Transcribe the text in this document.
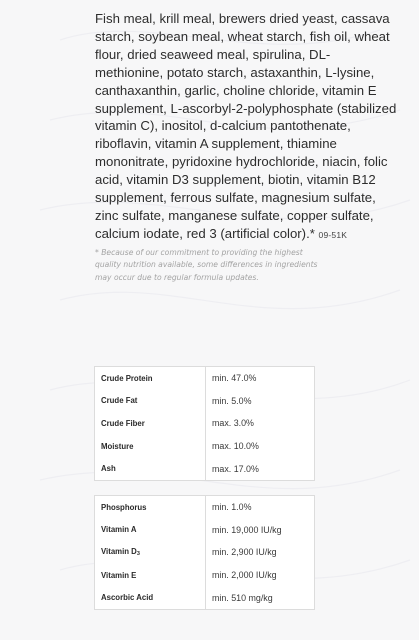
Fish meal, krill meal, brewers dried yeast, cassava starch, soybean meal, wheat starch, fish oil, wheat flour, dried seaweed meal, spirulina, DL-methionine, potato starch, astaxanthin, L-lysine, canthaxanthin, garlic, choline chloride, vitamin E supplement, L-ascorbyl-2-polyphosphate (stabilized vitamin C), inositol, d-calcium pantothenate, riboflavin, vitamin A supplement, thiamine mononitrate, pyridoxine hydrochloride, niacin, folic acid, vitamin D3 supplement, biotin, vitamin B12 supplement, ferrous sulfate, magnesium sulfate, zinc sulfate, manganese sulfate, copper sulfate, calcium iodate, red 3 (artificial color).* 09-51K

* Because of our commitment to providing the highest quality nutrition available, some differences in ingredients may occur due to regular formula updates.

Crude Protein	min. 47.0%
Crude Fat	min. 5.0%
Crude Fiber	max. 3.0%
Moisture	max. 10.0%
Ash	max. 17.0%
Phosphorus	min. 1.0%
Vitamin A	min. 19,000 IU/kg
Vitamin D3	min. 2,900 IU/kg
Vitamin E	min. 2,000 IU/kg
Ascorbic Acid	min. 510 mg/kg
